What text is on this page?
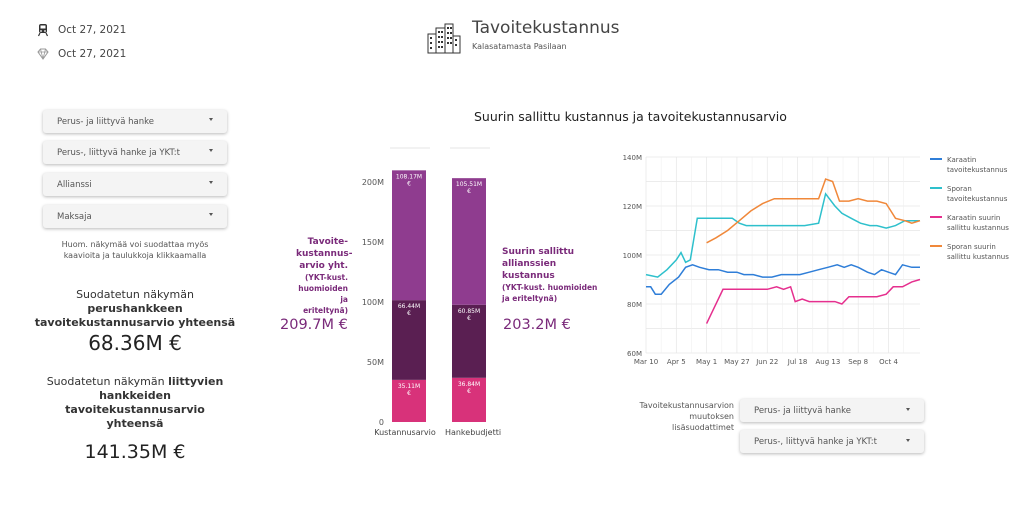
Oct 27, 2021
Oct 27, 2021
Tavoitekustannus
Kalasatamasta Pasilaan
Perus- ja liittyvä hanke
Perus-, liittyvä hanke ja YKT:t
Allianssi
Maksaja
Huom. näkymää voi suodattaa myös
kaavioita ja taulukkoja klikkaamalla
Suodatetun näkymän
perushankkeen
tavoitekustannusarvio yhteensä
68.36M €
Suodatetun näkymän liittyvien
hankkeiden tavoitekustannusarvio
yhteensä
141.35M €
Suurin sallittu kustannus ja tavoitekustannusarvio
Tavoite-
kustannus-
arvio yht.
(YKT-kust.
huomioiden ja
eriteltynä)
209.7M €
Suurin sallittu
allianssien
kustannus
(YKT-kust. huomioiden
ja eriteltynä)
203.2M €
0
50M
100M
150M
200M
35.11M
€
66.44M
€
108.17M
€
Kustannusarvio
36.84M
€
60.85M
€
105.51M
€
Hankebudjetti
60M
80M
100M
120M
140M
Mar 10 Apr 5 May 1 May 27 Jun 22 Jul 18 Aug 13 Sep 8 Oct 4
Karaatin
tavoitekustannus
Sporan
tavoitekustannus
Karaatin suurin
sallittu kustannus
Sporan suurin
sallittu kustannus
Tavoitekustannusarvion
muutoksen
lisäsuodattimet
Perus- ja liittyvä hanke
Perus-, liittyvä hanke ja YKT:t
